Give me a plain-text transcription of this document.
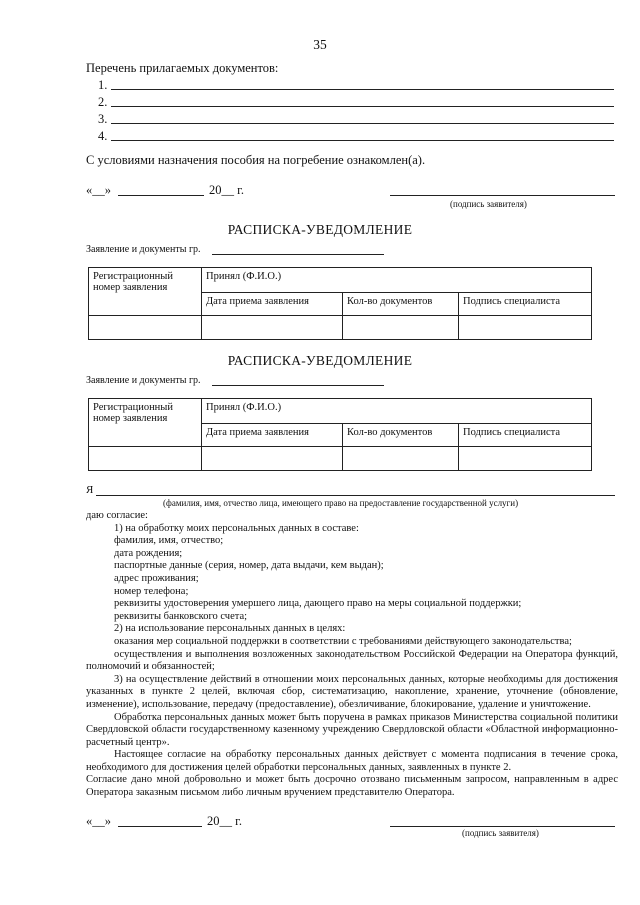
35
Перечень прилагаемых документов:
1.
2.
3.
4.
С условиями назначения пособия на погребение ознакомлен(а).
«__»	20__ г.
(подпись заявителя)
РАСПИСКА-УВЕДОМЛЕНИЕ
Заявление и документы гр.
Регистрационный номер заявления	Принял (Ф.И.О.)		
	Дата приема заявления	Кол-во документов	Подпись специалиста

РАСПИСКА-УВЕДОМЛЕНИЕ
Заявление и документы гр.
Регистрационный номер заявления	Принял (Ф.И.О.)		
	Дата приема заявления	Кол-во документов	Подпись специалиста

Я
(фамилия, имя, отчество лица, имеющего право на предоставление государственной услуги)
даю согласие:
1) на обработку моих персональных данных в составе:
фамилия, имя, отчество;
дата рождения;
паспортные данные (серия, номер, дата выдачи, кем выдан);
адрес проживания;
номер телефона;
реквизиты удостоверения умершего лица, дающего право на меры социальной поддержки;
реквизиты банковского счета;
2) на использование персональных данных в целях:
оказания мер социальной поддержки в соответствии с требованиями действующего законодательства;
осуществления и выполнения возложенных законодательством Российской Федерации на Оператора функций, полномочий и обязанностей;
3) на осуществление действий в отношении моих персональных данных, которые необходимы для достижения указанных в пункте 2 целей, включая сбор, систематизацию, накопление, хранение, уточнение (обновление, изменение), использование, передачу (предоставление), обезличивание, блокирование, удаление и уничтожение.
Обработка персональных данных может быть поручена в рамках приказов Министерства социальной политики Свердловской области государственному казенному учреждению Свердловской области «Областной информационно-расчетный центр».
Настоящее согласие на обработку персональных данных действует с момента подписания в течение срока, необходимого для достижения целей обработки персональных данных, заявленных в пункте 2.
Согласие дано мной добровольно и может быть досрочно отозвано письменным запросом, направленным в адрес Оператора заказным письмом либо личным вручением представителю Оператора.
«__»	20__ г.
(подпись заявителя)
